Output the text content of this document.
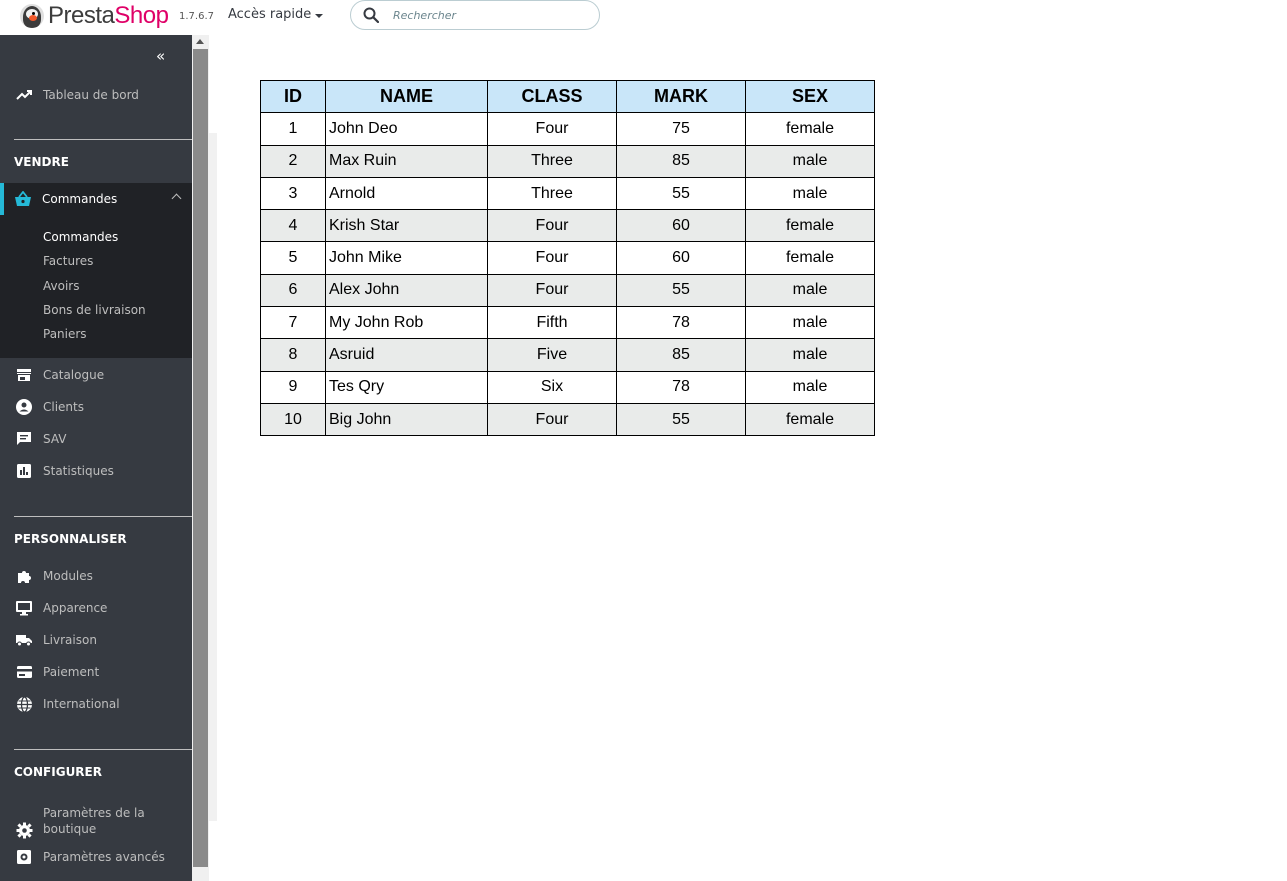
PrestaShop 1.7.6.7 Accès rapide
Rechercher
«
Tableau de bord
VENDRE
Commandes
Commandes
Factures
Avoirs
Bons de livraison
Paniers
Catalogue
Clients
SAV
Statistiques
PERSONNALISER
Modules
Apparence
Livraison
Paiement
International
CONFIGURER
Paramètres de la boutique
Paramètres avancés
ID	NAME	CLASS	MARK	SEX
1	John Deo	Four	75	female
2	Max Ruin	Three	85	male
3	Arnold	Three	55	male
4	Krish Star	Four	60	female
5	John Mike	Four	60	female
6	Alex John	Four	55	male
7	My John Rob	Fifth	78	male
8	Asruid	Five	85	male
9	Tes Qry	Six	78	male
10	Big John	Four	55	female
